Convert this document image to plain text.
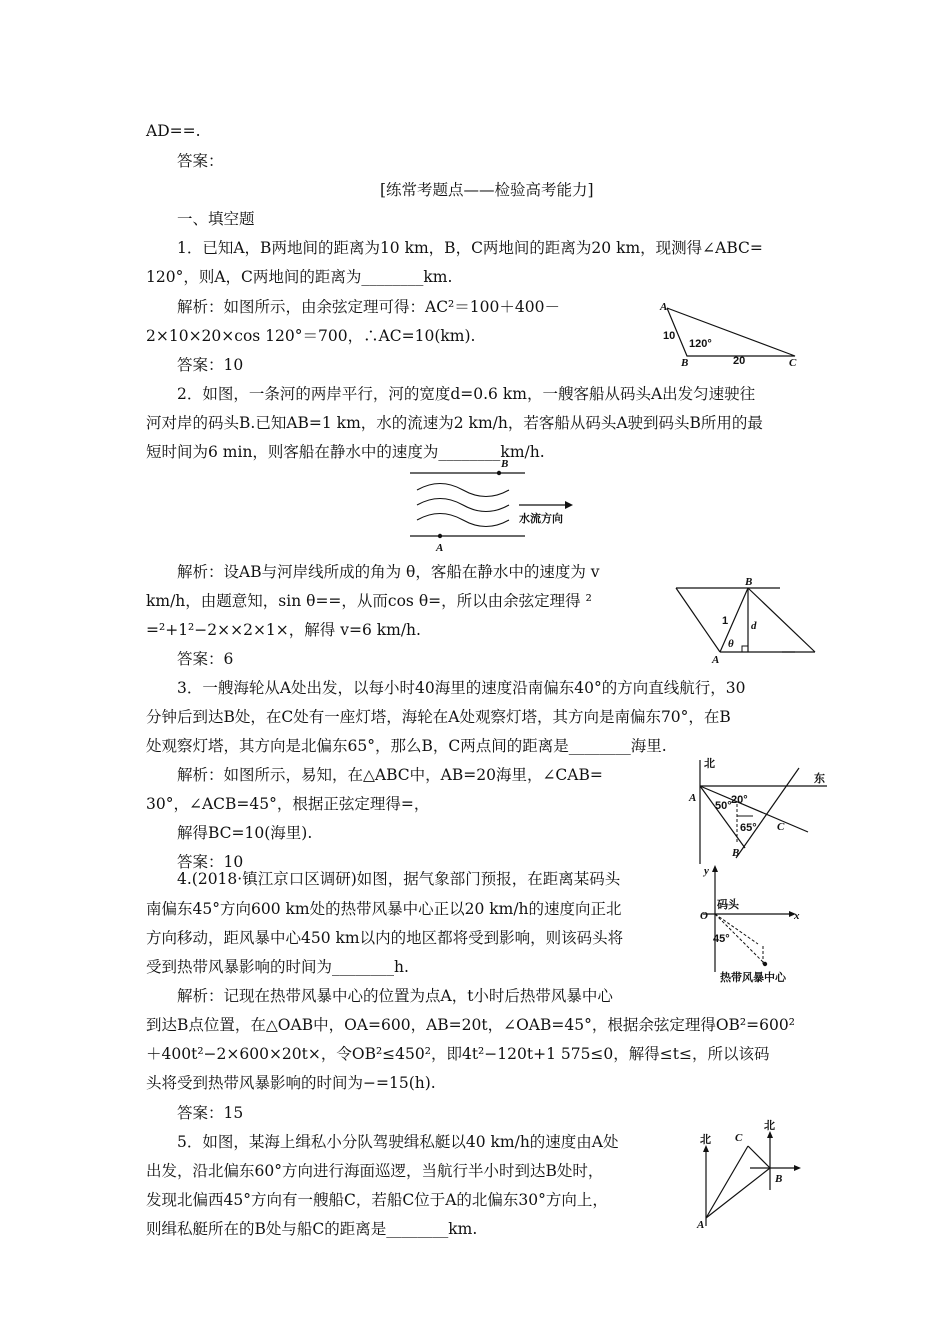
AD==.
答案：
[练常考题点——检验高考能力]
一、填空题
1．已知A，B两地间的距离为10 km，B，C两地间的距离为20 km，现测得∠ABC=
120°，则A，C两地间的距离为________km.
解析：如图所示，由余弦定理可得：AC²＝100＋400－
2×10×20×cos 120°＝700，∴AC=10(km).
答案：10
A
B	C
10
120°
20
2．如图，一条河的两岸平行，河的宽度d=0.6 km，一艘客船从码头A出发匀速驶往
河对岸的码头B.已知AB=1 km，水的流速为2 km/h，若客船从码头A驶到码头B所用的最
短时间为6 min，则客船在静水中的速度为________km/h.
B
A
水流方向
解析：设AB与河岸线所成的角为 θ，客船在静水中的速度为 v
km/h，由题意知，sin θ==，从而cos θ=，所以由余弦定理得 ²
=²+1²−2××2×1×，解得 v=6 km/h.
答案：6
B
A
1
θ
d
3．一艘海轮从A处出发，以每小时40海里的速度沿南偏东40°的方向直线航行，30
分钟后到达B处，在C处有一座灯塔，海轮在A处观察灯塔，其方向是南偏东70°，在B
处观察灯塔，其方向是北偏东65°，那么B，C两点间的距离是________海里.
解析：如图所示，易知，在△ABC中，AB=20海里，∠CAB=
30°，∠ACB=45°，根据正弦定理得=，
解得BC=10(海里).
答案：10
北
东
A	20°
50°
65° C
B
4.(2018·镇江京口区调研)如图，据气象部门预报，在距离某码头
南偏东45°方向600 km处的热带风暴中心正以20 km/h的速度向正北
方向移动，距风暴中心450 km以内的地区都将受到影响，则该码头将
受到热带风暴影响的时间为________h.
y
x
O
码头
45°
热带风暴中心
解析：记现在热带风暴中心的位置为点A，t小时后热带风暴中心
到达B点位置，在△OAB中，OA=600，AB=20t，∠OAB=45°，根据余弦定理得OB²=600²
＋400t²−2×600×20t×，令OB²≤450²，即4t²−120t+1 575≤0，解得≤t≤，所以该码
头将受到热带风暴影响的时间为−=15(h).
答案：15
5．如图，某海上缉私小分队驾驶缉私艇以40 km/h的速度由A处
出发，沿北偏东60°方向进行海面巡逻，当航行半小时到达B处时，
发现北偏西45°方向有一艘船C，若船C位于A的北偏东30°方向上，
则缉私艇所在的B处与船C的距离是________km.
C
北
北
B
A
